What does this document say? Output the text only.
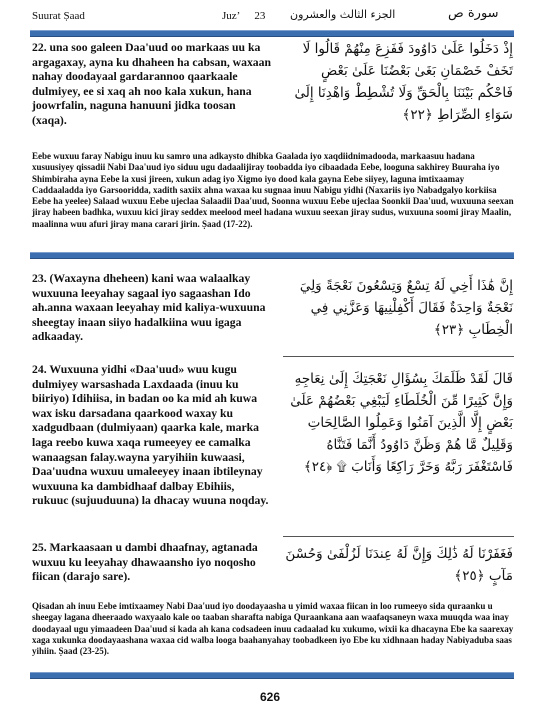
Suurat Ṣaad	Juz’ 23 الجزء الثالث والعشرون	سورة ص
22. una soo galeen Daa'uud oo markaas uu ka argagaxay, ayna ku dhaheen ha cabsan, waxaan nahay doodayaal gardarannoo qaarkaale dulmiyey, ee si xaq ah noo kala xukun, hana joowrfalin, naguna hanuuni jidka toosan (xaqa).
إِذْ دَخَلُوا عَلَىٰ دَاوُودَ فَفَزِعَ مِنْهُمْ قَالُوا لَا تَخَفْ خَصْمَانِ بَغَىٰ بَعْضُنَا عَلَىٰ بَعْضٍ فَاحْكُم بَيْنَنَا بِالْحَقِّ وَلَا تُشْطِطْ وَاهْدِنَا إِلَىٰ سَوَاءِ الصِّرَاطِ ﴿٢٢﴾
Eebe wuxuu faray Nabigu inuu ku samro una adkaysto dhibka Gaalada iyo xaqdiidnimadooda, markaasuu hadana xusuusiyey qissadii Nabi Daa'uud iyo siduu ugu dadaalijiray toobadda iyo cibaadada Eebe, looguna sakhirey Buuraha iyo Shimbiraha ayna Eebe la xusi jireen, xukun adag iyo Xigmo iyo dood kala gayna Eebe siiyey, laguna imtixaamay Caddaaladda iyo Garsooridda, xadith saxiix ahna waxaa ku sugnaa inuu Nabigu yidhi (Naxariis iyo Nabadgalyo korkiisa Eebe ha yeelee) Salaad wuxuu Eebe ujeclaa Salaadii Daa'uud, Soonna wuxuu Eebe ujeclaa Soonkii Daa'uud, wuxuuna seexan jiray habeen badhka, wuxuu kici jiray seddex meelood meel hadana wuxuu seexan jiray sudus, wuxuuna soomi jiray Maalin, maalinna wuu afuri jiray mana carari jirin. Ṣaad (17-22).
23. (Waxayna dheheen) kani waa walaalkay wuxuuna leeyahay sagaal iyo sagaashan Ido ah.anna waxaan leeyahay mid kaliya-wuxuuna sheegtay inaan siiyo hadalkiina wuu igaga adkaaday.
إِنَّ هَٰذَا أَخِي لَهُ تِسْعٌ وَتِسْعُونَ نَعْجَةً وَلِيَ نَعْجَةٌ وَاحِدَةٌ فَقَالَ أَكْفِلْنِيهَا وَعَزَّنِي فِي الْخِطَابِ ﴿٢٣﴾
24. Wuxuuna yidhi «Daa'uud» wuu kugu dulmiyey warsashada Laxdaada (inuu ku biiriyo) Idihiisa, in badan oo ka mid ah kuwa wax isku darsadana qaarkood waxay ku xadgudbaan (dulmiyaan) qaarka kale, marka laga reebo kuwa xaqa rumeeyey ee camalka wanaagsan falay.wayna yaryihiin kuwaasi, Daa'uudna wuxuu umaleeyey inaan ibtileynay wuxuuna ka dambidhaaf dalbay Ebihiis, rukuuc (sujuuduuna) la dhacay wuuna noqday.
قَالَ لَقَدْ ظَلَمَكَ بِسُؤَالِ نَعْجَتِكَ إِلَىٰ نِعَاجِهِ وَإِنَّ كَثِيرًا مِّنَ الْخُلَطَاءِ لَيَبْغِي بَعْضُهُمْ عَلَىٰ بَعْضٍ إِلَّا الَّذِينَ آمَنُوا وَعَمِلُوا الصَّالِحَاتِ وَقَلِيلٌ مَّا هُمْ وَظَنَّ دَاوُودُ أَنَّمَا فَتَنَّاهُ فَاسْتَغْفَرَ رَبَّهُ وَخَرَّ رَاكِعًا وَأَنَابَ ۩ ﴿٢٤﴾
25. Markaasaan u dambi dhaafnay, agtanada wuxuu ku leeyahay dhawaansho iyo noqosho fiican (darajo sare).
فَغَفَرْنَا لَهُ ذَٰلِكَ وَإِنَّ لَهُ عِندَنَا لَزُلْفَىٰ وَحُسْنَ مَآبٍ ﴿٢٥﴾
Qisadan ah inuu Eebe imtixaamey Nabi Daa'uud iyo doodayaasha u yimid waxaa fiican in loo rumeeyo sida quraanku u sheegay lagana dheeraado waxyaalo kale oo taaban sharafta nabiga Quraankana aan waafaqsaneyn waxa muuqda waa inay doodayaal ugu yimaadeen Daa'uud si kada ah kana codsadeen inuu cadaalad ku xukumo, wixii ka dhacayna Ebe ka saarexay xaga xukunka doodayaashana waxaa cid walba looga baahanyahay toobadkeen iyo Ebe ku xidhnaan haday Nabiyaduba saas yihiin. Ṣaad (23-25).
626
